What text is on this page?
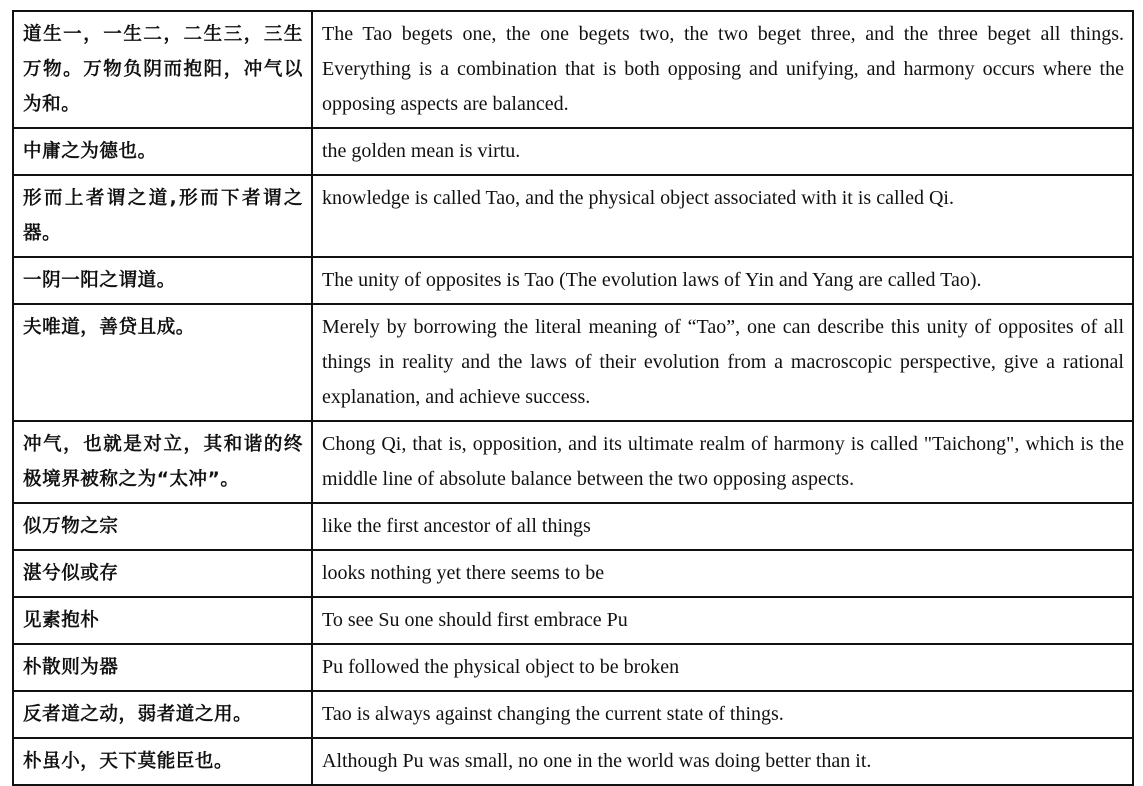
道生一，一生二，二生三，三生万物。万物负阴而抱阳，冲气以为和。	The Tao begets one, the one begets two, the two beget three, and the three beget all things. Everything is a combination that is both opposing and unifying, and harmony occurs where the opposing aspects are balanced.
中庸之为德也。	the golden mean is virtu.
形而上者谓之道,形而下者谓之器。	knowledge is called Tao, and the physical object associated with it is called Qi.
一阴一阳之谓道。	The unity of opposites is Tao (The evolution laws of Yin and Yang are called Tao).
夫唯道，善贷且成。	Merely by borrowing the literal meaning of “Tao”, one can describe this unity of opposites of all things in reality and the laws of their evolution from a macroscopic perspective, give a rational explanation, and achieve success.
冲气，也就是对立，其和谐的终极境界被称之为“太冲”。	Chong Qi, that is, opposition, and its ultimate realm of harmony is called "Taichong", which is the middle line of absolute balance between the two opposing aspects.
似万物之宗	like the first ancestor of all things
湛兮似或存	looks nothing yet there seems to be
见素抱朴	To see Su one should first embrace Pu
朴散则为器	Pu followed the physical object to be broken
反者道之动，弱者道之用。	Tao is always against changing the current state of things.
朴虽小，天下莫能臣也。	Although Pu was small, no one in the world was doing better than it.
